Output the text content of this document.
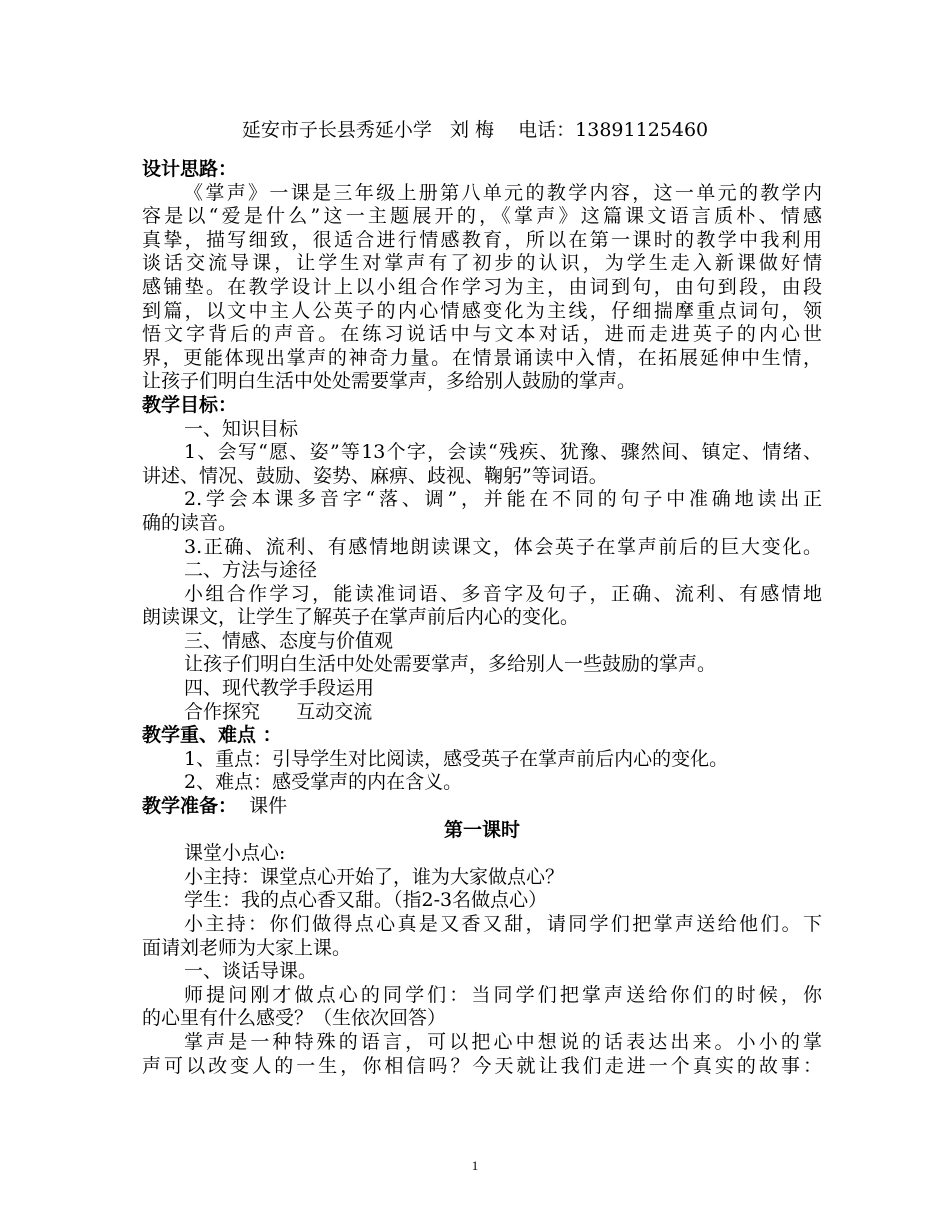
延安市子长县秀延小学   刘 梅    电话：13891125460
设计思路：
《掌声》一课是三年级上册第八单元的教学内容，这一单元的教学内
容是以“爱是什么”这一主题展开的，《掌声》这篇课文语言质朴、情感
真挚，描写细致，很适合进行情感教育，所以在第一课时的教学中我利用
谈话交流导课，让学生对掌声有了初步的认识，为学生走入新课做好情
感铺垫。在教学设计上以小组合作学习为主，由词到句，由句到段，由段
到篇，以文中主人公英子的内心情感变化为主线，仔细揣摩重点词句，领
悟文字背后的声音。在练习说话中与文本对话，进而走进英子的内心世
界，更能体现出掌声的神奇力量。在情景诵读中入情，在拓展延伸中生情，
让孩子们明白生活中处处需要掌声，多给别人鼓励的掌声。
教学目标：
一、知识目标
1、会写“愿、姿”等13个字，会读“残疾、犹豫、骤然间、镇定、情绪、
讲述、情况、鼓励、姿势、麻痹、歧视、鞠躬”等词语。
2.学会本课多音字“落、调”，并能在不同的句子中准确地读出正
确的读音。
3.正确、流利、有感情地朗读课文，体会英子在掌声前后的巨大变化。
二、方法与途径
小组合作学习，能读准词语、多音字及句子，正确、流利、有感情地
朗读课文，让学生了解英子在掌声前后内心的变化。
三、情感、态度与价值观
让孩子们明白生活中处处需要掌声，多给别人一些鼓励的掌声。
四、现代教学手段运用
合作探究      互动交流
教学重、难点 ：
1、重点：引导学生对比阅读，感受英子在掌声前后内心的变化。
2、难点：感受掌声的内在含义。
教学准备：  课件
第一课时
课堂小点心:
小主持：课堂点心开始了，谁为大家做点心？
学生：我的点心香又甜。（指2-3名做点心）
小主持：你们做得点心真是又香又甜，请同学们把掌声送给他们。下
面请刘老师为大家上课。
一、谈话导课。
师提问刚才做点心的同学们：当同学们把掌声送给你们的时候，你
的心里有什么感受？（生依次回答）
掌声是一种特殊的语言，可以把心中想说的话表达出来。小小的掌
声可以改变人的一生，你相信吗？今天就让我们走进一个真实的故事：
1
